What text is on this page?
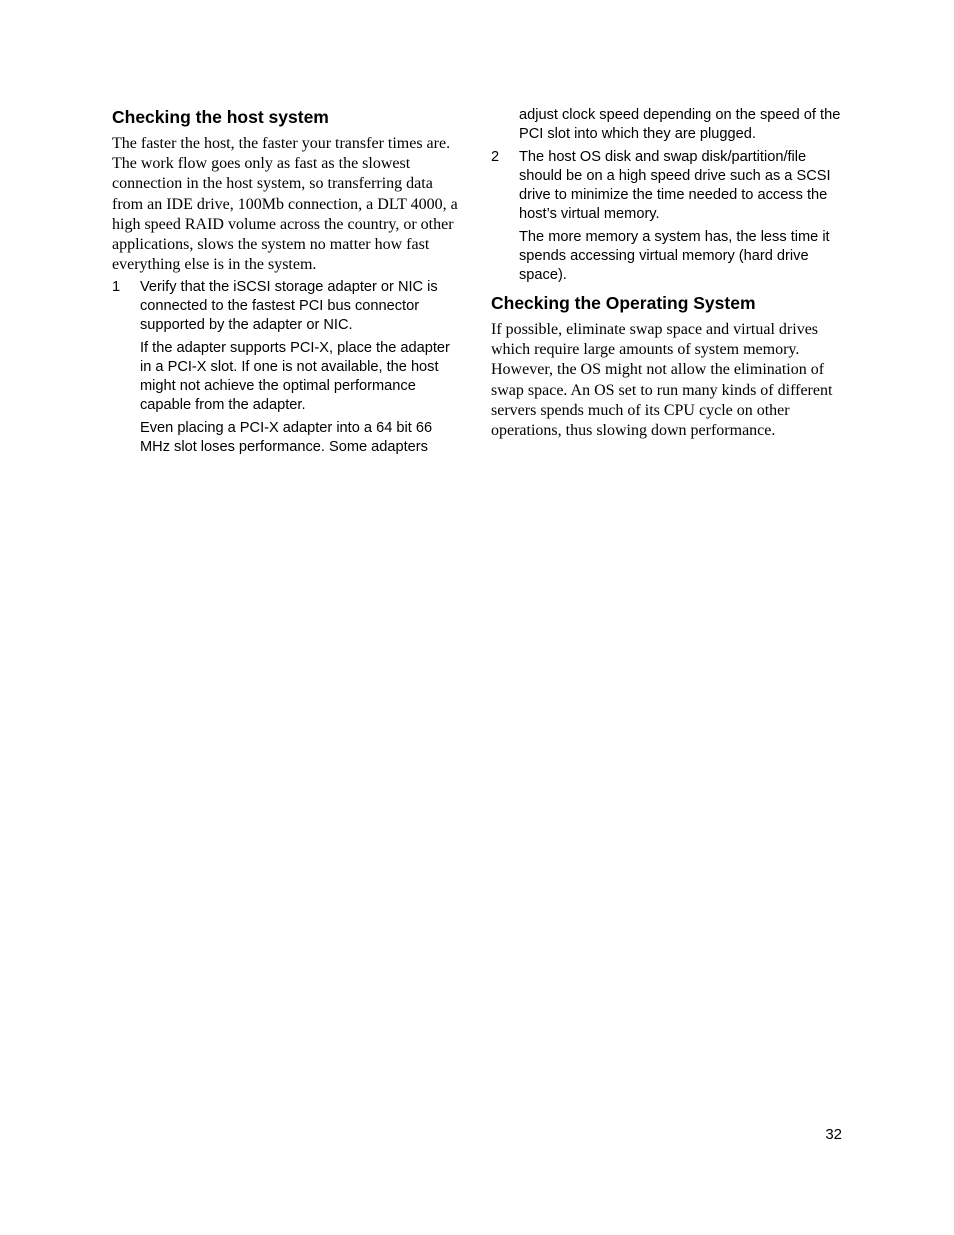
Checking the host system

The faster the host, the faster your transfer times are. The work flow goes only as fast as the slowest connection in the host system, so transferring data from an IDE drive, 100Mb connection, a DLT 4000, a high speed RAID volume across the country, or other applications, slows the system no matter how fast everything else is in the system.

1	Verify that the iSCSI storage adapter or NIC is connected to the fastest PCI bus connector supported by the adapter or NIC.

If the adapter supports PCI-X, place the adapter in a PCI-X slot. If one is not available, the host might not achieve the optimal performance capable from the adapter.

Even placing a PCI-X adapter into a 64 bit 66 MHz slot loses performance. Some adapters

adjust clock speed depending on the speed of the PCI slot into which they are plugged.

2	The host OS disk and swap disk/partition/file should be on a high speed drive such as a SCSI drive to minimize the time needed to access the host’s virtual memory.

The more memory a system has, the less time it spends accessing virtual memory (hard drive space).

Checking the Operating System

If possible, eliminate swap space and virtual drives which require large amounts of system memory. However, the OS might not allow the elimination of swap space. An OS set to run many kinds of different servers spends much of its CPU cycle on other operations, thus slowing down performance.

32
